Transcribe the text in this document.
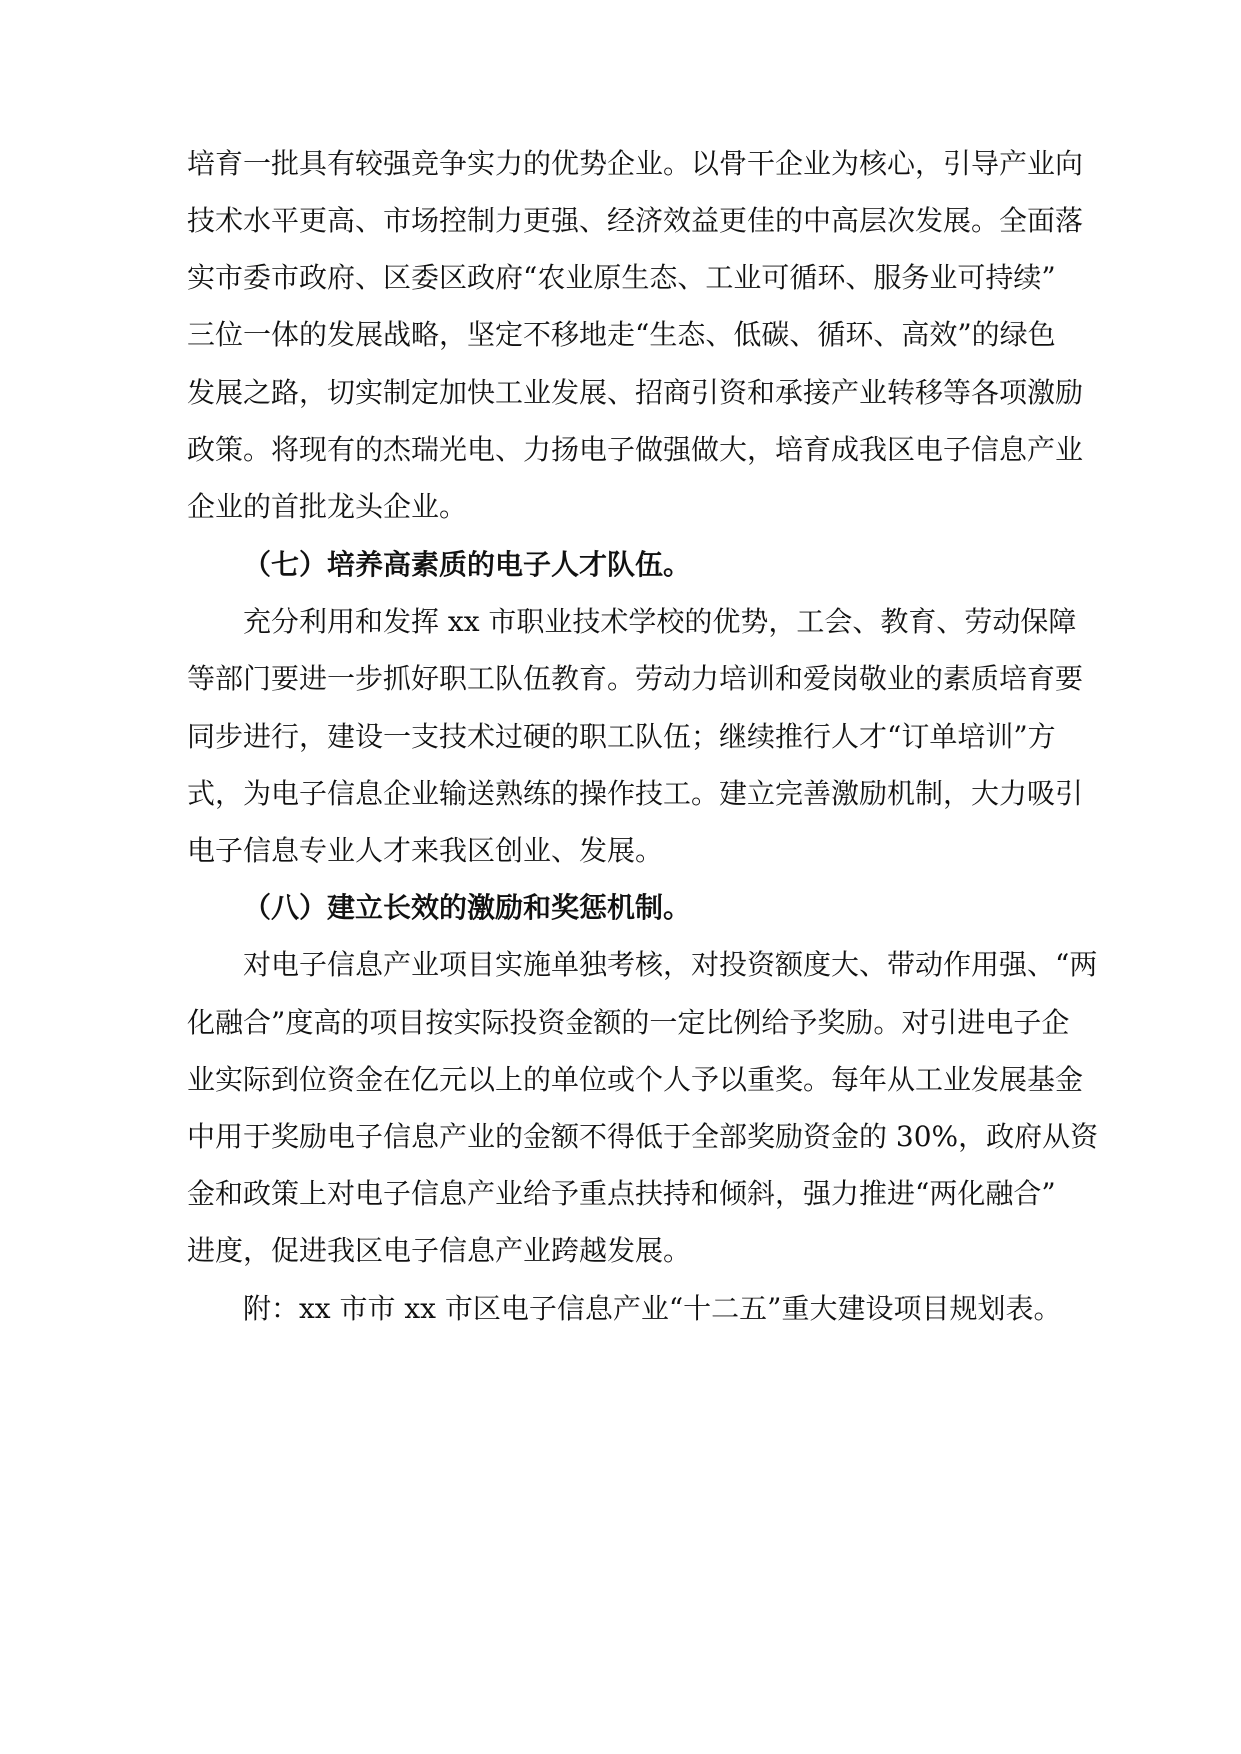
培育一批具有较强竞争实力的优势企业。以骨干企业为核心，引导产业向

技术水平更高、市场控制力更强、经济效益更佳的中高层次发展。全面落

实市委市政府、区委区政府“农业原生态、工业可循环、服务业可持续”

三位一体的发展战略，坚定不移地走“生态、低碳、循环、高效”的绿色

发展之路，切实制定加快工业发展、招商引资和承接产业转移等各项激励

政策。将现有的杰瑞光电、力扬电子做强做大，培育成我区电子信息产业

企业的首批龙头企业。

（七）培养高素质的电子人才队伍。

充分利用和发挥 xx 市职业技术学校的优势，工会、教育、劳动保障

等部门要进一步抓好职工队伍教育。劳动力培训和爱岗敬业的素质培育要

同步进行，建设一支技术过硬的职工队伍；继续推行人才“订单培训”方

式，为电子信息企业输送熟练的操作技工。建立完善激励机制，大力吸引

电子信息专业人才来我区创业、发展。

（八）建立长效的激励和奖惩机制。

对电子信息产业项目实施单独考核，对投资额度大、带动作用强、“两

化融合”度高的项目按实际投资金额的一定比例给予奖励。对引进电子企

业实际到位资金在亿元以上的单位或个人予以重奖。每年从工业发展基金

中用于奖励电子信息产业的金额不得低于全部奖励资金的 30%，政府从资

金和政策上对电子信息产业给予重点扶持和倾斜，强力推进“两化融合”

进度，促进我区电子信息产业跨越发展。

附：xx 市市 xx 市区电子信息产业“十二五”重大建设项目规划表。
